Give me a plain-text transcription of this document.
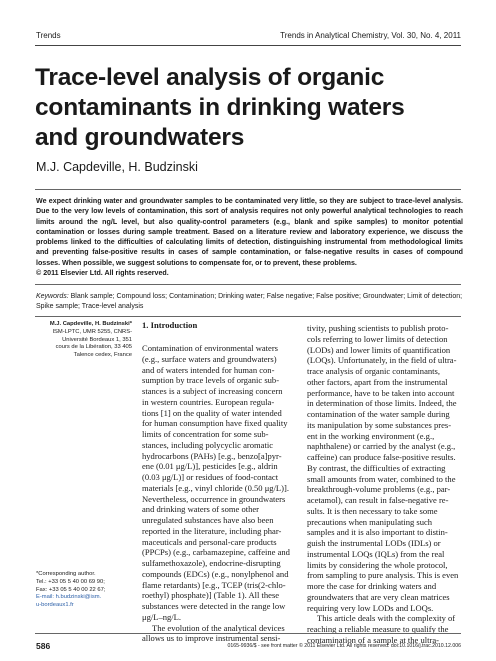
Trends	Trends in Analytical Chemistry, Vol. 30, No. 4, 2011
Trace-level analysis of organic
contaminants in drinking waters
and groundwaters
M.J. Capdeville, H. Budzinski
We expect drinking water and groundwater samples to be contaminated very little, so they are subject to trace-level analysis. Due to the very low levels of contamination, this sort of analysis requires not only powerful analytical technologies to reach limits around the ng/L level, but also quality-control parameters (e.g., blank and spike samples) to monitor potential contamination or losses during sample treatment. Based on a literature review and laboratory experience, we discuss the problems linked to the difficulties of calculating limits of detection, distinguishing instrumental from methodological limits and preventing false-positive results in cases of sample contamination, or false-negative results in cases of compound losses. When possible, we suggest solutions to compensate for, or to prevent, these problems.
© 2011 Elsevier Ltd. All rights reserved.
Keywords: Blank sample; Compound loss; Contamination; Drinking water; False negative; False positive; Groundwater; Limit of detection; Spike sample; Trace-level analysis
M.J. Capdeville, H. Budzinski*
ISM-LPTC, UMR 5255, CNRS-
Université Bordeaux 1, 351
cours de la Libération, 33 405
Talence cedex, France
*Corresponding author.
Tel.: +33 05 5 40 00 69 90;
Fax: +33 05 5 40 00 22 67;
E-mail: h.budzinski@ism.
u-bordeaux1.fr
1. Introduction
Contamination of environmental waters
(e.g., surface waters and groundwaters)
and of waters intended for human con-
sumption by trace levels of organic sub-
stances is a subject of increasing concern
in western countries. European regula-
tions [1] on the quality of water intended
for human consumption have fixed quality
limits of concentration for some sub-
stances, including polycyclic aromatic
hydrocarbons (PAHs) [e.g., benzo[a]pyr-
ene (0.01 μg/L)], pesticides [e.g., aldrin
(0.03 μg/L)] or residues of food-contact
materials [e.g., vinyl chloride (0.50 μg/L)].
Nevertheless, occurrence in groundwaters
and drinking waters of some other
unregulated substances have also been
reported in the literature, including phar-
maceuticals and personal-care products
(PPCPs) (e.g., carbamazepine, caffeine and
sulfamethoxazole), endocrine-disrupting
compounds (EDCs) (e.g., nonylphenol and
flame retardants) [e.g., TCEP (tris(2-chlo-
roethyl) phosphate)] (Table 1). All these
substances were detected in the range low
μg/L–ng/L.
The evolution of the analytical devices
allows us to improve instrumental sensi-
tivity, pushing scientists to publish proto-
cols referring to lower limits of detection
(LODs) and lower limits of quantification
(LOQs). Unfortunately, in the field of ultra-
trace analysis of organic contaminants,
other factors, apart from the instrumental
performance, have to be taken into account
in determination of those limits. Indeed, the
contamination of the water sample during
its manipulation by some substances pres-
ent in the working environment (e.g.,
naphthalene) or carried by the analyst (e.g.,
caffeine) can produce false-positive results.
By contrast, the difficulties of extracting
small amounts from water, combined to the
breakthrough-volume problems (e.g., par-
acetamol), can result in false-negative re-
sults. It is then necessary to take some
precautions when manipulating such
samples and it is also important to distin-
guish the instrumental LODs (IDLs) or
instrumental LOQs (IQLs) from the real
limits by considering the whole protocol,
from sampling to pure analysis. This is even
more the case for drinking waters and
groundwaters that are very clean matrices
requiring very low LODs and LOQs.
This article deals with the complexity of
reaching a reliable measure to qualify the
contamination of a sample at the ultra-
586	0165-9936/$ - see front matter © 2011 Elsevier Ltd. All rights reserved. doi:10.1016/j.trac.2010.12.006
